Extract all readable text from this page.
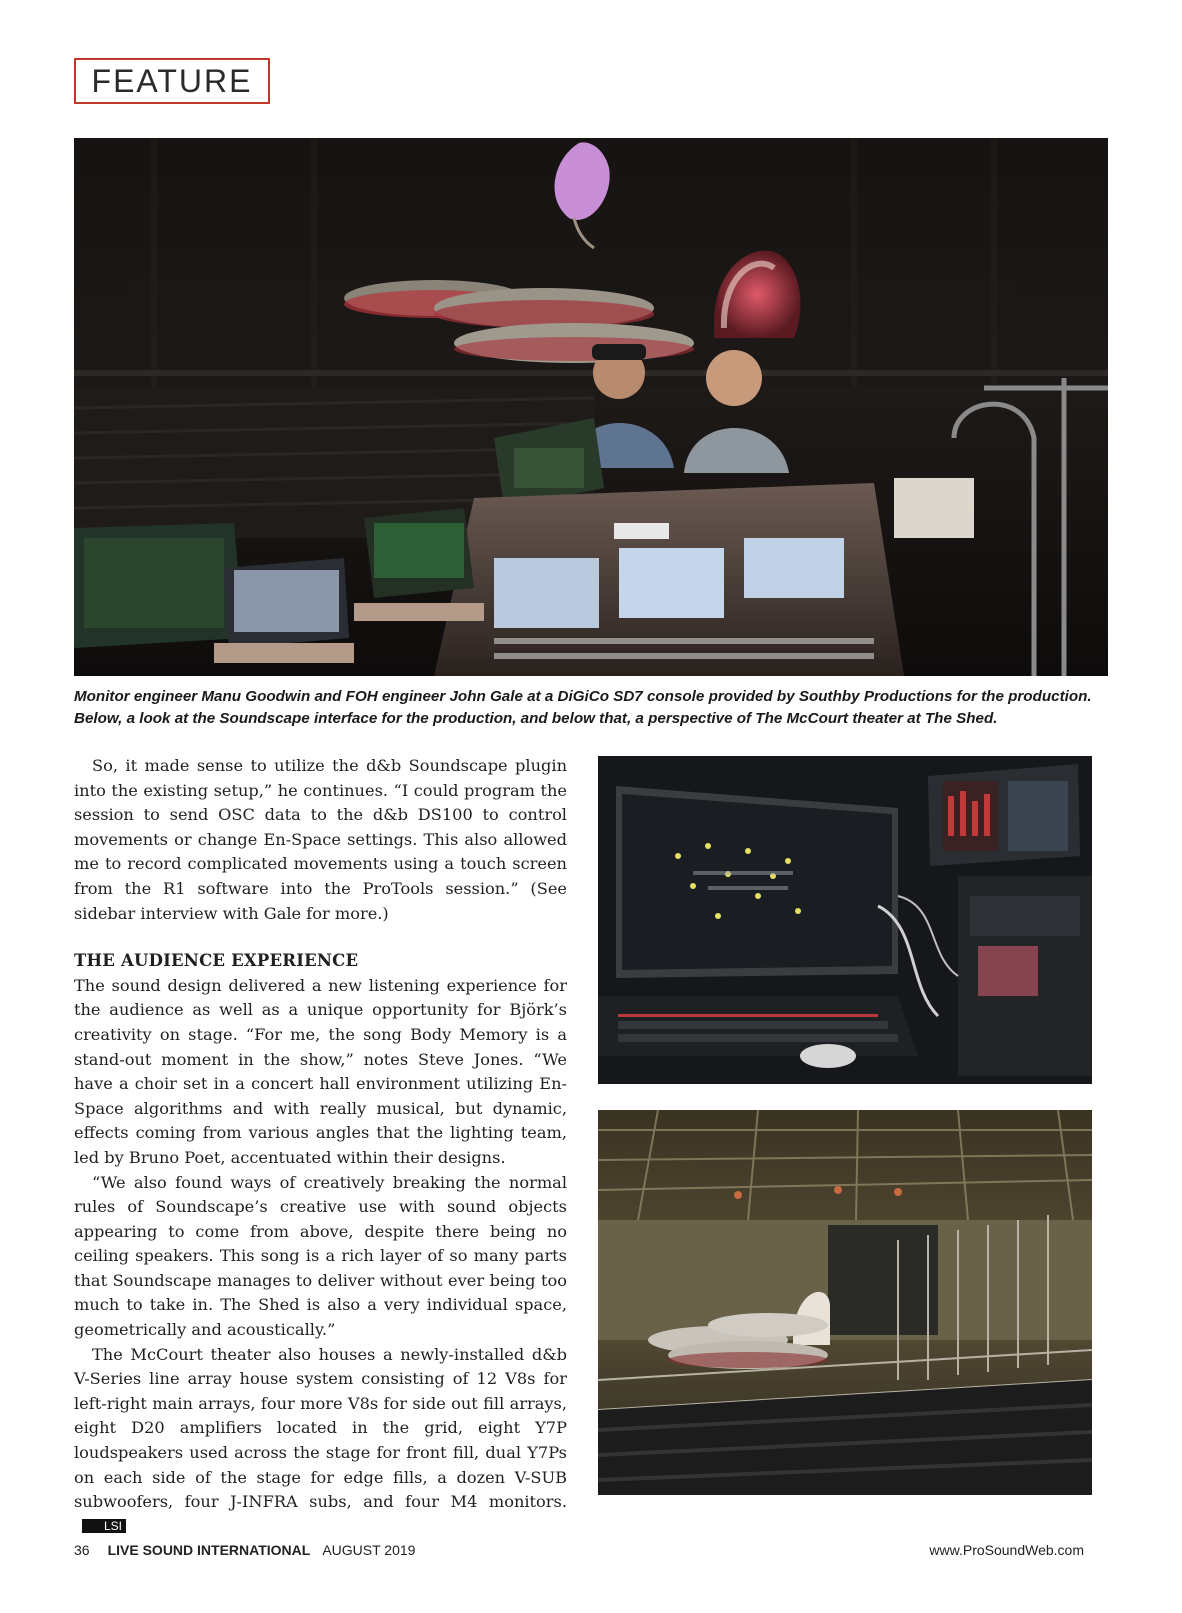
FEATURE

Monitor engineer Manu Goodwin and FOH engineer John Gale at a DiGiCo SD7 console provided by Southby Productions for the production.

Below, a look at the Soundscape interface for the production, and below that, a perspective of The McCourt theater at The Shed.

So, it made sense to utilize the d&b Soundscape plugin into the existing setup,” he continues. “I could program the session to send OSC data to the d&b DS100 to control movements or change En-Space settings. This also allowed me to record complicated movements using a touch screen from the R1 software into the ProTools session.” (See sidebar interview with Gale for more.)

THE AUDIENCE EXPERIENCE

The sound design delivered a new listening experience for the audience as well as a unique opportunity for Björk’s creativity on stage. “For me, the song Body Memory is a stand-out moment in the show,” notes Steve Jones. “We have a choir set in a concert hall environment utilizing En-Space algorithms and with really musical, but dynamic, effects coming from various angles that the lighting team, led by Bruno Poet, accentuated within their designs.

“We also found ways of creatively breaking the normal rules of Soundscape’s creative use with sound objects appearing to come from above, despite there being no ceiling speakers. This song is a rich layer of so many parts that Soundscape manages to deliver without ever being too much to take in. The Shed is also a very individual space, geometrically and acoustically.”

The McCourt theater also houses a newly-installed d&b V-Series line array house system consisting of 12 V8s for left-right main arrays, four more V8s for side out fill arrays, eight D20 amplifiers located in the grid, eight Y7P loudspeakers used across the stage for front fill, dual Y7Ps on each side of the stage for edge fills, a dozen V-SUB subwoofers, four J-INFRA subs, and four M4 monitors.LSI

36 LIVE SOUND INTERNATIONAL AUGUST 2019	www.ProSoundWeb.com
